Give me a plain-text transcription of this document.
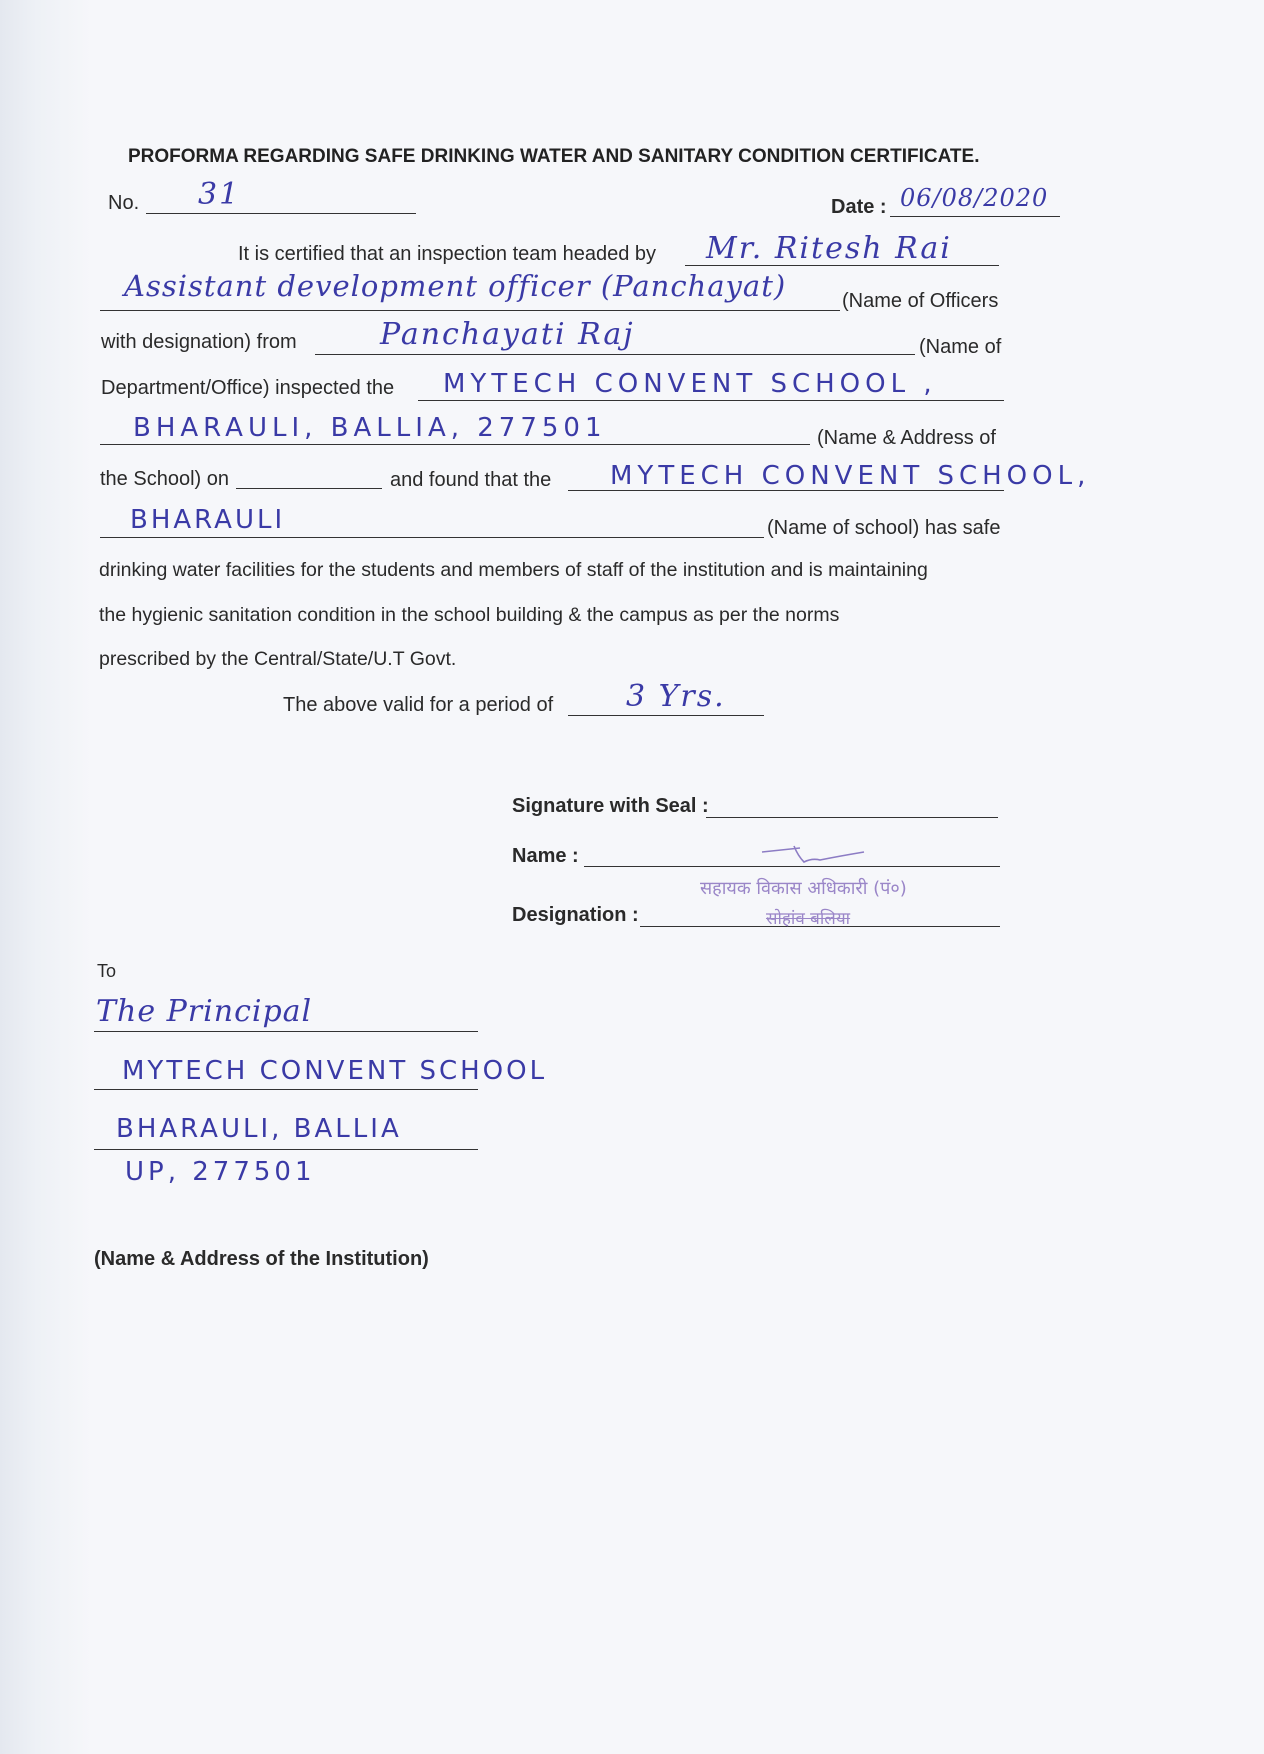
PROFORMA REGARDING SAFE DRINKING WATER AND SANITARY CONDITION CERTIFICATE.
No. 31	Date : 06/08/2020
It is certified that an inspection team headed by Mr. Ritesh Rai
Assistant development officer (Panchayat)	(Name of Officers
with designation) from	Panchayati Raj	(Name of
Department/Office) inspected the MYTECH CONVENT SCHOOL ,
BHARAULI, BALLIA, 277501	(Name & Address of
the School) on	and found that the MYTECH CONVENT SCHOOL,
BHARAULI	(Name of school) has safe
drinking water facilities for the students and members of staff of the institution and is maintaining
the hygienic sanitation condition in the school building & the campus as per the norms
prescribed by the Central/State/U.T Govt.
The above valid for a period of 3 Yrs.
Signature with Seal :
Name :
सहायक विकास अधिकारी (पं०)
Designation :	सोहांव बलिया
To
The Principal
MYTECH CONVENT SCHOOL
BHARAULI, BALLIA
UP, 277501
(Name & Address of the Institution)
